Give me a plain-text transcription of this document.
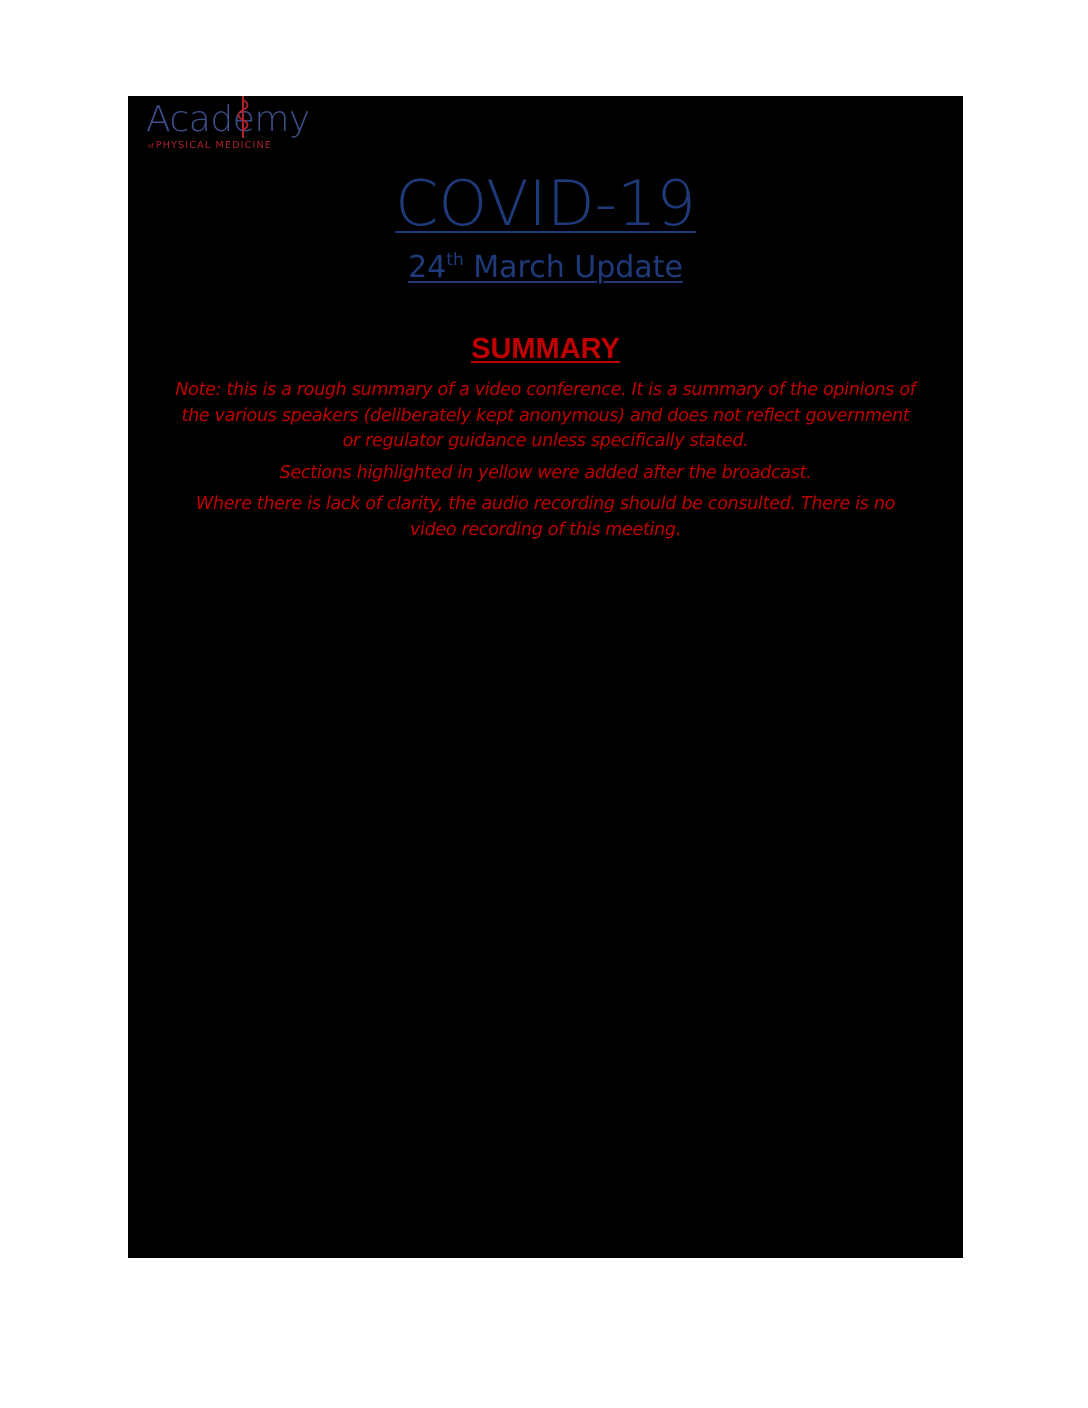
Academy
of PHYSICAL MEDICINE
COVID-19
24th March Update
SUMMARY

Note: this is a rough summary of a video conference. It is a summary of the opinions of
the various speakers (deliberately kept anonymous) and does not reflect government
or regulator guidance unless specifically stated.

Sections highlighted in yellow were added after the broadcast.

Where there is lack of clarity, the audio recording should be consulted. There is no
video recording of this meeting.
